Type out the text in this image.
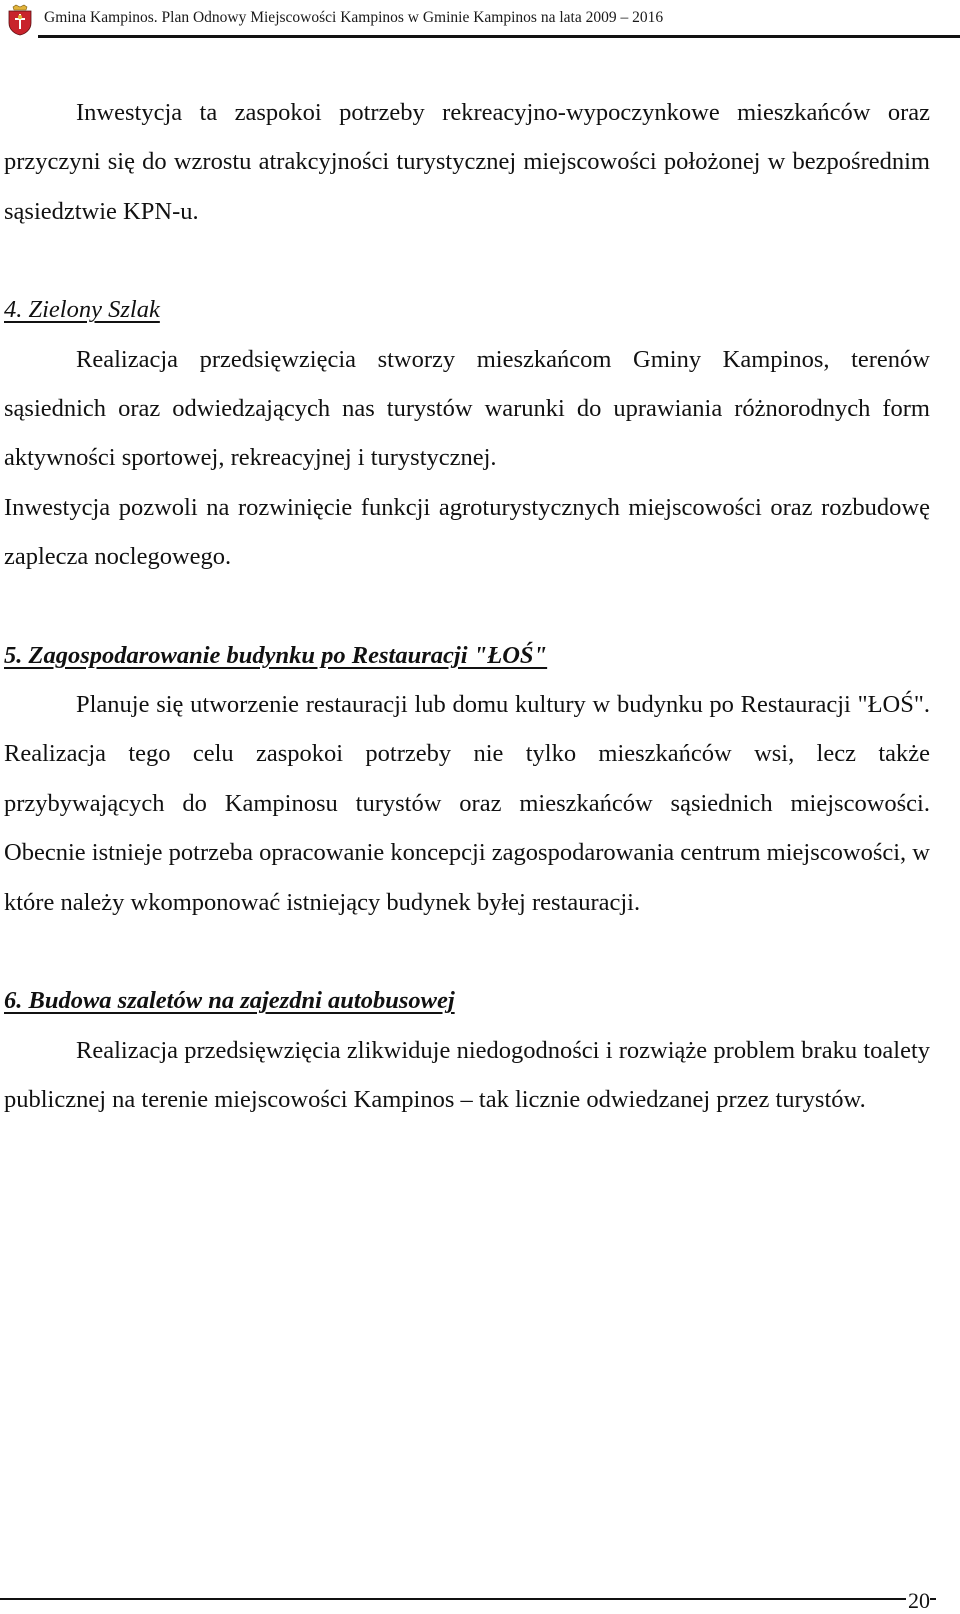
Gmina Kampinos. Plan Odnowy Miejscowości Kampinos w Gminie Kampinos na lata 2009 – 2016

Inwestycja ta zaspokoi potrzeby rekreacyjno-wypoczynkowe mieszkańców oraz przyczyni się do wzrostu atrakcyjności turystycznej miejscowości położonej w bezpośrednim sąsiedztwie KPN-u.

4. Zielony Szlak

Realizacja przedsięwzięcia stworzy mieszkańcom Gminy Kampinos, terenów sąsiednich oraz odwiedzających nas turystów warunki do uprawiania różnorodnych form aktywności sportowej, rekreacyjnej i turystycznej.

Inwestycja pozwoli na rozwinięcie funkcji agroturystycznych miejscowości oraz rozbudowę zaplecza noclegowego.

5. Zagospodarowanie budynku po Restauracji "ŁOŚ"

Planuje się utworzenie restauracji lub domu kultury w budynku po Restauracji "ŁOŚ". Realizacja tego celu zaspokoi potrzeby nie tylko mieszkańców wsi, lecz także przybywających do Kampinosu turystów oraz mieszkańców sąsiednich miejscowości. Obecnie istnieje potrzeba opracowanie koncepcji zagospodarowania centrum miejscowości, w które należy wkomponować istniejący budynek byłej restauracji.

6. Budowa szaletów na zajezdni autobusowej

Realizacja przedsięwzięcia zlikwiduje niedogodności i rozwiąże problem braku toalety publicznej na terenie miejscowości Kampinos – tak licznie odwiedzanej przez turystów.

20
